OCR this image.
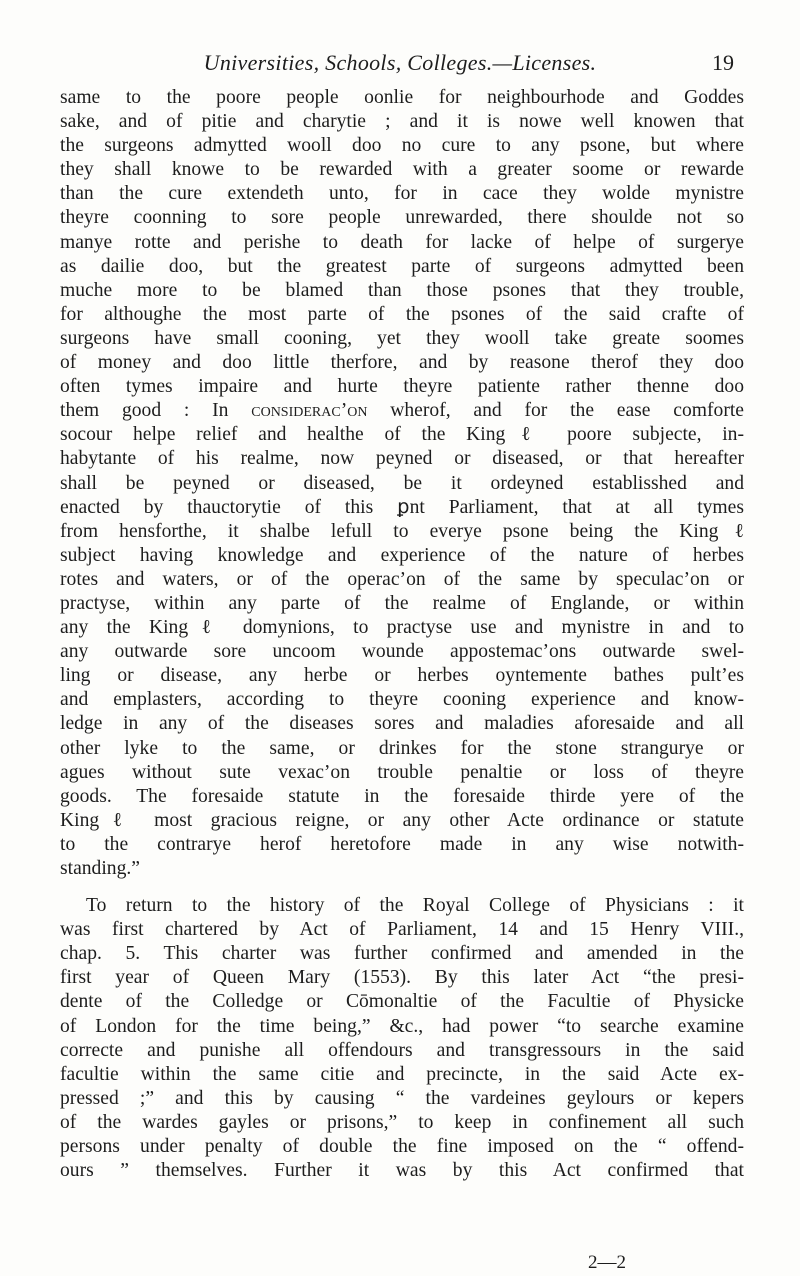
Universities, Schools, Colleges.—Licenses.	19
same to the poore people oonlie for neighbourhode and Goddes
sake, and of pitie and charytie ; and it is nowe well knowen that
the surgeons admytted wooll doo no cure to any psone, but where
they shall knowe to be rewarded with a greater soome or rewarde
than the cure extendeth unto, for in cace they wolde mynistre
theyre coonning to sore people unrewarded, there shoulde not so
manye rotte and perishe to death for lacke of helpe of surgerye
as dailie doo, but the greatest parte of surgeons admytted been
muche more to be blamed than those psones that they trouble,
for althoughe the most parte of the psones of the said crafte of
surgeons have small cooning, yet they wooll take greate soomes
of money and doo little therfore, and by reasone therof they doo
often tymes impaire and hurte theyre patiente rather thenne doo
them good : In considerac’on wherof, and for the ease comforte
socour helpe relief and healthe of the Kingℓ poore subjecte, in-
habytante of his realme, now peyned or diseased, or that hereafter
shall be peyned or diseased, be it ordeyned establisshed and
enacted by thauctorytie of this ꝑnt Parliament, that at all tymes
from hensforthe, it shalbe lefull to everye psone being the Kingℓ
subject having knowledge and experience of the nature of herbes
rotes and waters, or of the operac’on of the same by speculac’on or
practyse, within any parte of the realme of Englande, or within
any the Kingℓ domynions, to practyse use and mynistre in and to
any outwarde sore uncoom wounde appostemac’ons outwarde swel-
ling or disease, any herbe or herbes oyntemente bathes pult’es
and emplasters, according to theyre cooning experience and know-
ledge in any of the diseases sores and maladies aforesaide and all
other lyke to the same, or drinkes for the stone strangurye or
agues without sute vexac’on trouble penaltie or loss of theyre
goods. The foresaide statute in the foresaide thirde yere of the
Kingℓ most gracious reigne, or any other Acte ordinance or statute
to the contrarye herof heretofore made in any wise notwith-
standing.”
To return to the history of the Royal College of Physicians : it
was first chartered by Act of Parliament, 14 and 15 Henry VIII.,
chap. 5. This charter was further confirmed and amended in the
first year of Queen Mary (1553). By this later Act “the presi-
dente of the Colledge or Cōmonaltie of the Facultie of Physicke
of London for the time being,” &c., had power “to searche examine
correcte and punishe all offendours and transgressours in the said
facultie within the same citie and precincte, in the said Acte ex-
pressed ;” and this by causing “ the vardeines geylours or kepers
of the wardes gayles or prisons,” to keep in confinement all such
persons under penalty of double the fine imposed on the “ offend-
ours ” themselves. Further it was by this Act confirmed that
2—2
